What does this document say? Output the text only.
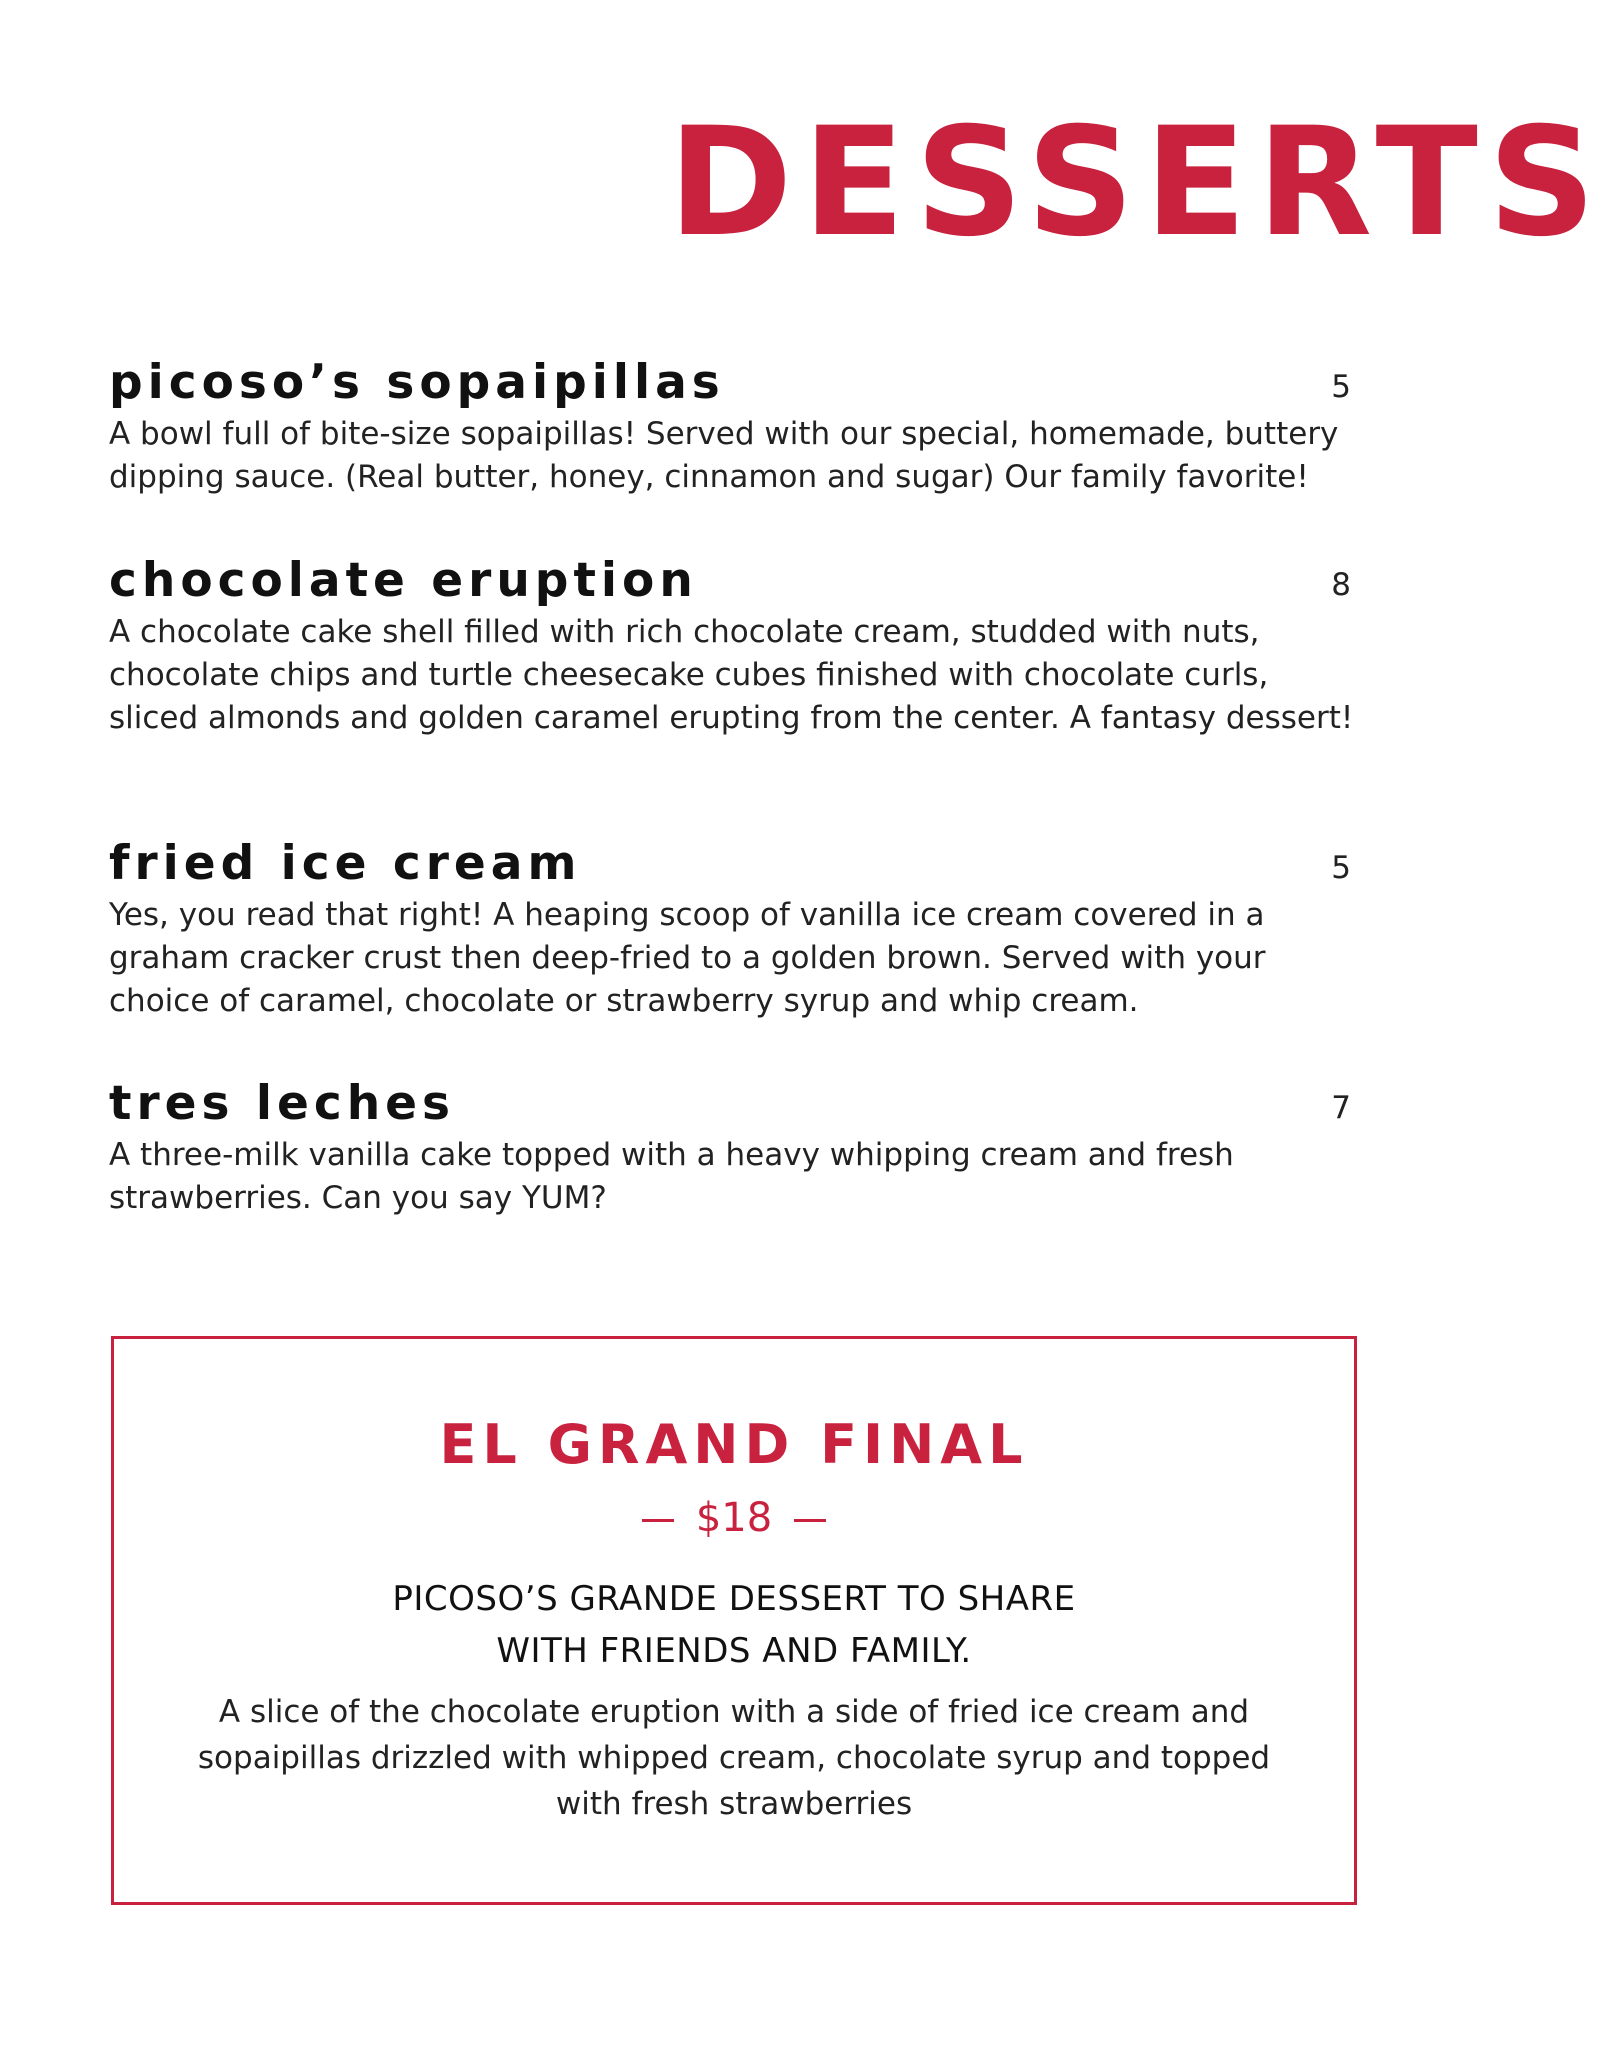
DESSERTS
picoso’s sopaipillas	5

A bowl full of bite-size sopaipillas! Served with our special, homemade, buttery dipping sauce. (Real butter, honey, cinnamon and sugar) Our family favorite!

chocolate eruption	8

A chocolate cake shell filled with rich chocolate cream, studded with nuts, chocolate chips and turtle cheesecake cubes finished with chocolate curls, sliced almonds and golden caramel erupting from the center. A fantasy dessert!

fried ice cream	5

Yes, you read that right! A heaping scoop of vanilla ice cream covered in a graham cracker crust then deep-fried to a golden brown. Served with your choice of caramel, chocolate or strawberry syrup and whip cream.

tres leches	7

A three-milk vanilla cake topped with a heavy whipping cream and fresh strawberries. Can you say YUM?

EL GRAND FINAL
$18

PICOSO’S GRANDE DESSERT TO SHARE
WITH FRIENDS AND FAMILY.

A slice of the chocolate eruption with a side of fried ice cream and sopaipillas drizzled with whipped cream, chocolate syrup and topped with fresh strawberries
